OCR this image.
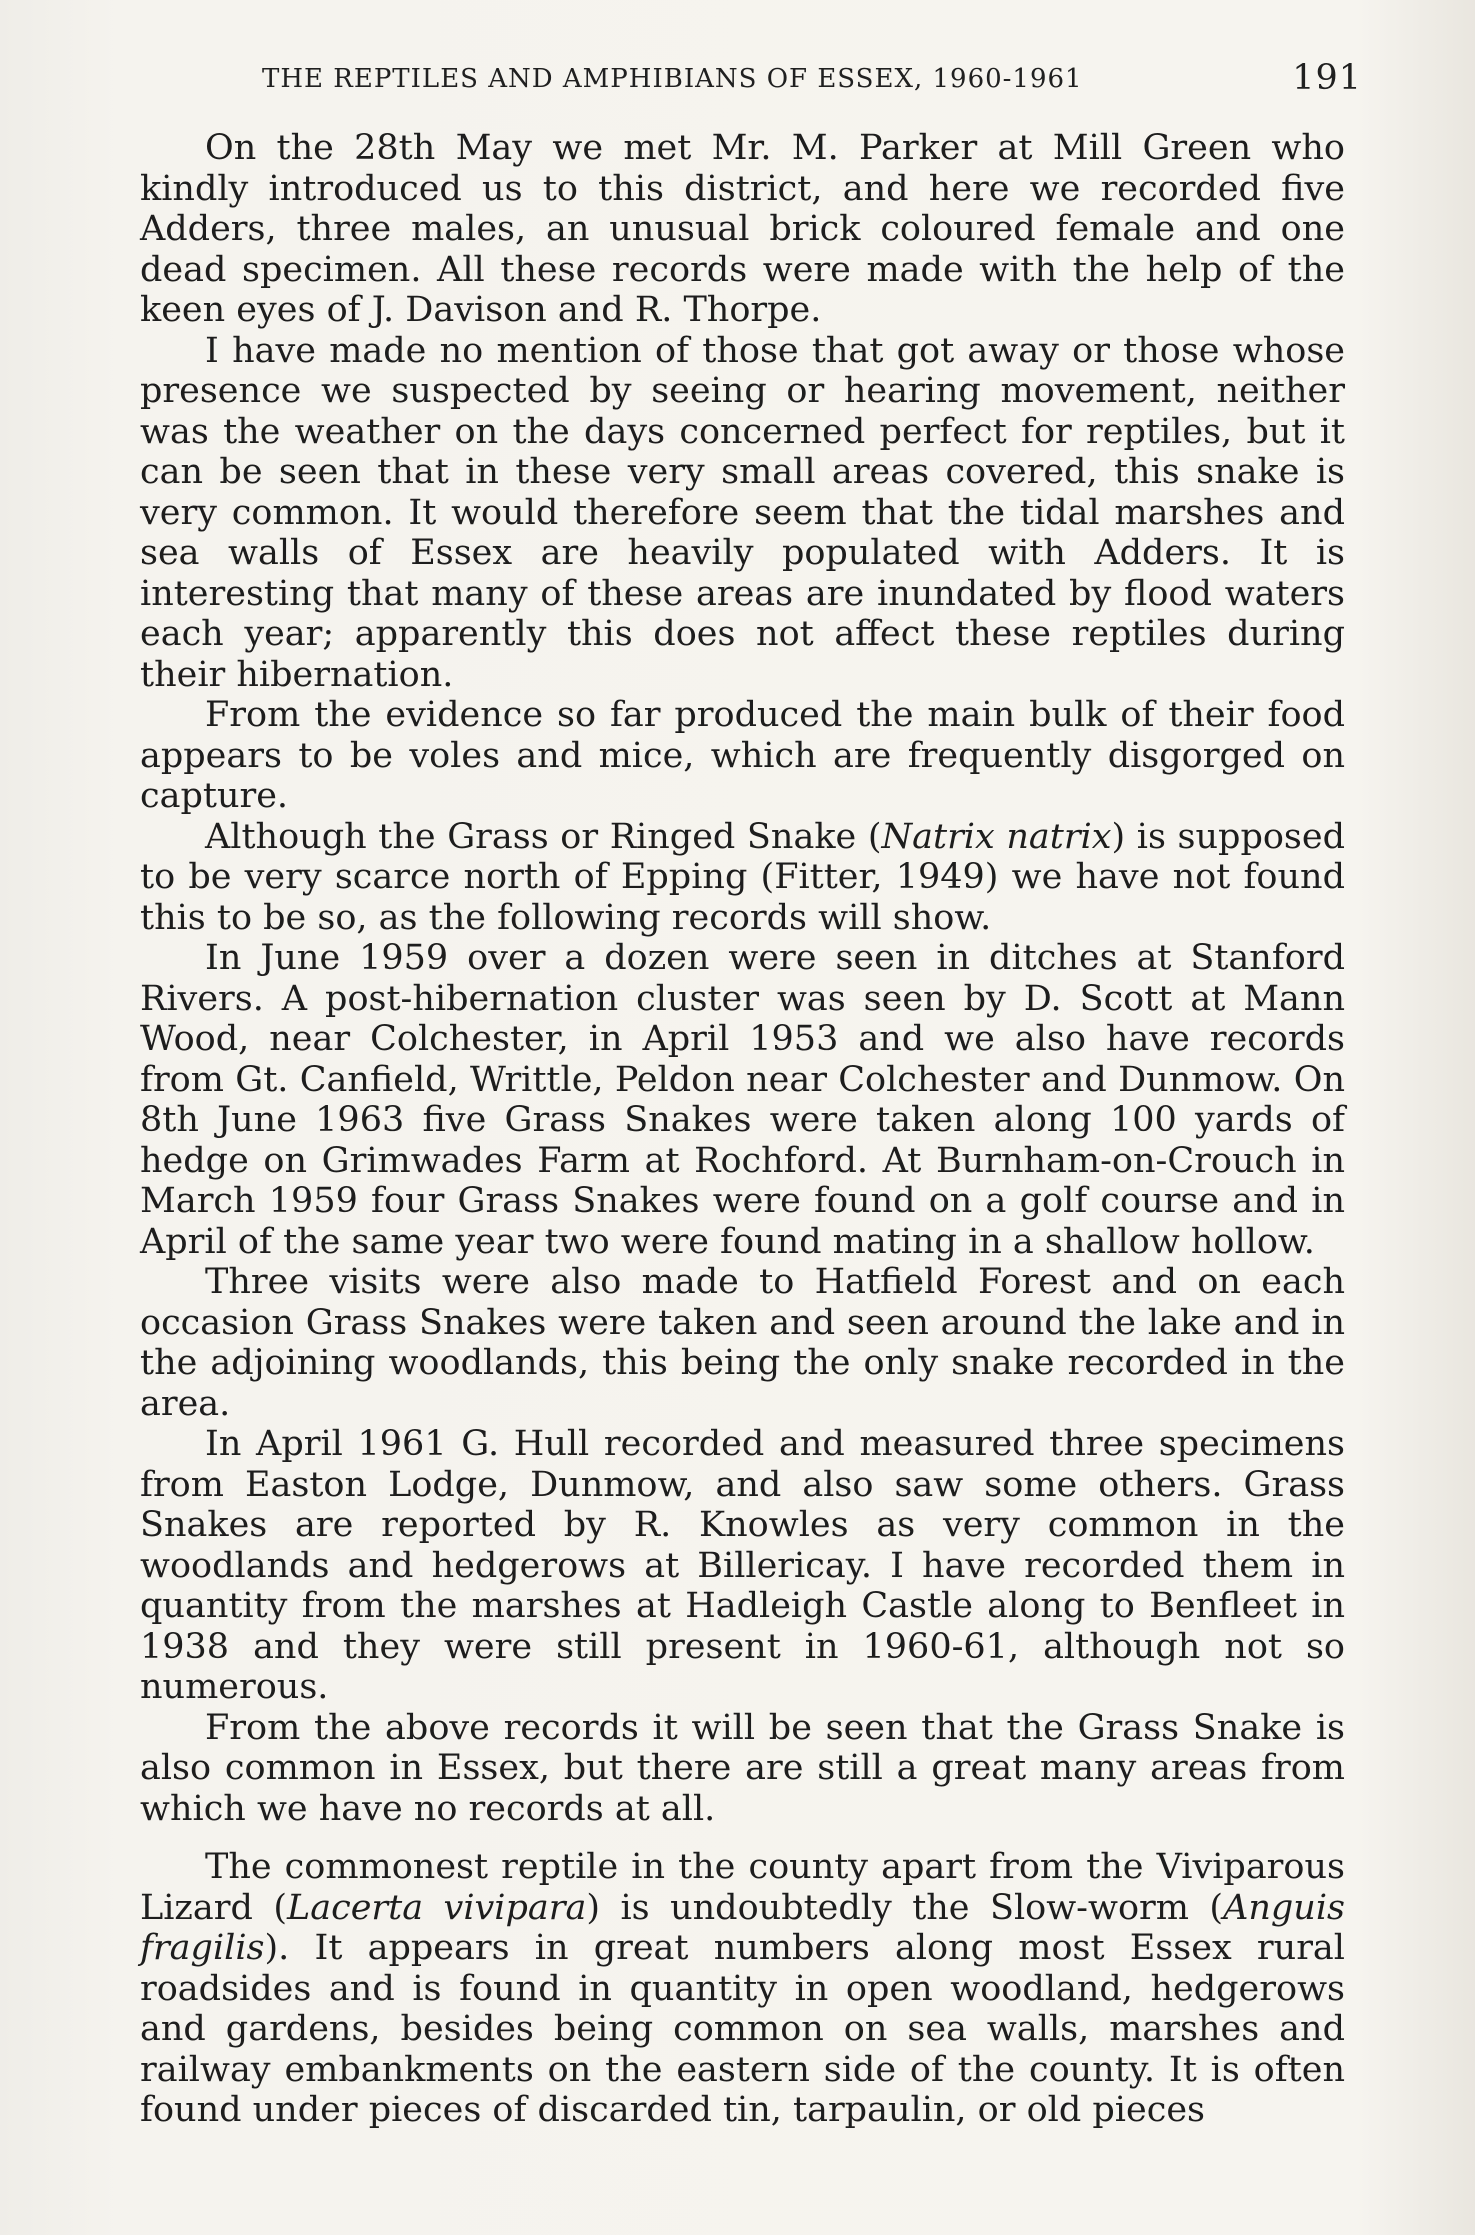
THE REPTILES AND AMPHIBIANS OF ESSEX, 1960-1961	191

On the 28th May we met Mr. M. Parker at Mill Green who kindly introduced us to this district, and here we recorded five Adders, three males, an unusual brick coloured female and one dead specimen. All these records were made with the help of the keen eyes of J. Davison and R. Thorpe.

I have made no mention of those that got away or those whose presence we suspected by seeing or hearing movement, neither was the weather on the days concerned perfect for reptiles, but it can be seen that in these very small areas covered, this snake is very common. It would therefore seem that the tidal marshes and sea walls of Essex are heavily populated with Adders. It is interesting that many of these areas are inundated by flood waters each year; apparently this does not affect these reptiles during their hibernation.

From the evidence so far produced the main bulk of their food appears to be voles and mice, which are frequently disgorged on capture.

Although the Grass or Ringed Snake (Natrix natrix) is supposed to be very scarce north of Epping (Fitter, 1949) we have not found this to be so, as the following records will show.

In June 1959 over a dozen were seen in ditches at Stanford Rivers. A post-hibernation cluster was seen by D. Scott at Mann Wood, near Colchester, in April 1953 and we also have records from Gt. Canfield, Writtle, Peldon near Colchester and Dunmow. On 8th June 1963 five Grass Snakes were taken along 100 yards of hedge on Grimwades Farm at Rochford. At Burnham-on-Crouch in March 1959 four Grass Snakes were found on a golf course and in April of the same year two were found mating in a shallow hollow.

Three visits were also made to Hatfield Forest and on each occasion Grass Snakes were taken and seen around the lake and in the adjoining woodlands, this being the only snake recorded in the area.

In April 1961 G. Hull recorded and measured three specimens from Easton Lodge, Dunmow, and also saw some others. Grass Snakes are reported by R. Knowles as very common in the woodlands and hedgerows at Billericay. I have recorded them in quantity from the marshes at Hadleigh Castle along to Benfleet in 1938 and they were still present in 1960-61, although not so numerous.

From the above records it will be seen that the Grass Snake is also common in Essex, but there are still a great many areas from which we have no records at all.

The commonest reptile in the county apart from the Viviparous Lizard (Lacerta vivipara) is undoubtedly the Slow-worm (Anguis fragilis). It appears in great numbers along most Essex rural roadsides and is found in quantity in open woodland, hedgerows and gardens, besides being common on sea walls, marshes and railway embankments on the eastern side of the county. It is often found under pieces of discarded tin, tarpaulin, or old pieces
